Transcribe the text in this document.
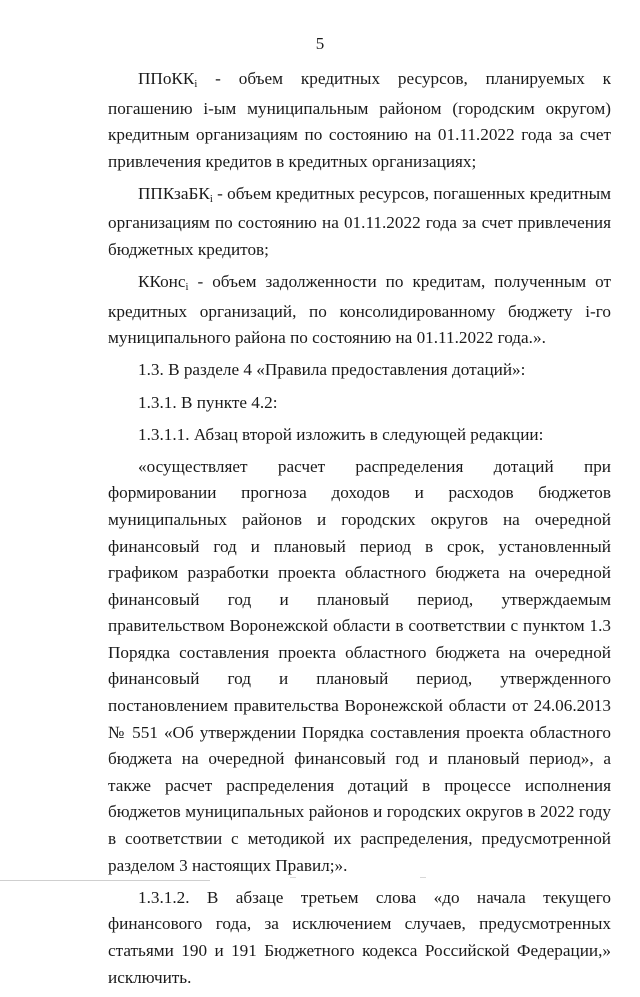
5

ППоККi - объем кредитных ресурсов, планируемых к погашению i-ым муниципальным районом (городским округом) кредитным организациям по состоянию на 01.11.2022 года за счет привлечения кредитов в кредитных организациях;

ППКзаБКi - объем кредитных ресурсов, погашенных кредитным организациям по состоянию на 01.11.2022 года за счет привлечения бюджетных кредитов;

ККонсi - объем задолженности по кредитам, полученным от кредитных организаций, по консолидированному бюджету i-го муниципального района по состоянию на 01.11.2022 года.».

1.3. В разделе 4 «Правила предоставления дотаций»:

1.3.1. В пункте 4.2:

1.3.1.1. Абзац второй изложить в следующей редакции:

«осуществляет расчет распределения дотаций при формировании прогноза доходов и расходов бюджетов муниципальных районов и городских округов на очередной финансовый год и плановый период в срок, установленный графиком разработки проекта областного бюджета на очередной финансовый год и плановый период, утверждаемым правительством Воронежской области в соответствии с пунктом 1.3 Порядка составления проекта областного бюджета на очередной финансовый год и плановый период, утвержденного постановлением правительства Воронежской области от 24.06.2013 № 551 «Об утверждении Порядка составления проекта областного бюджета на очередной финансовый год и плановый период», а также расчет распределения дотаций в процессе исполнения бюджетов муниципальных районов и городских округов в 2022 году в соответствии с методикой их распределения, предусмотренной разделом 3 настоящих Правил;».

1.3.1.2. В абзаце третьем слова «до начала текущего финансового года, за исключением случаев, предусмотренных статьями 190 и 191 Бюджетного кодекса Российской Федерации,» исключить.
